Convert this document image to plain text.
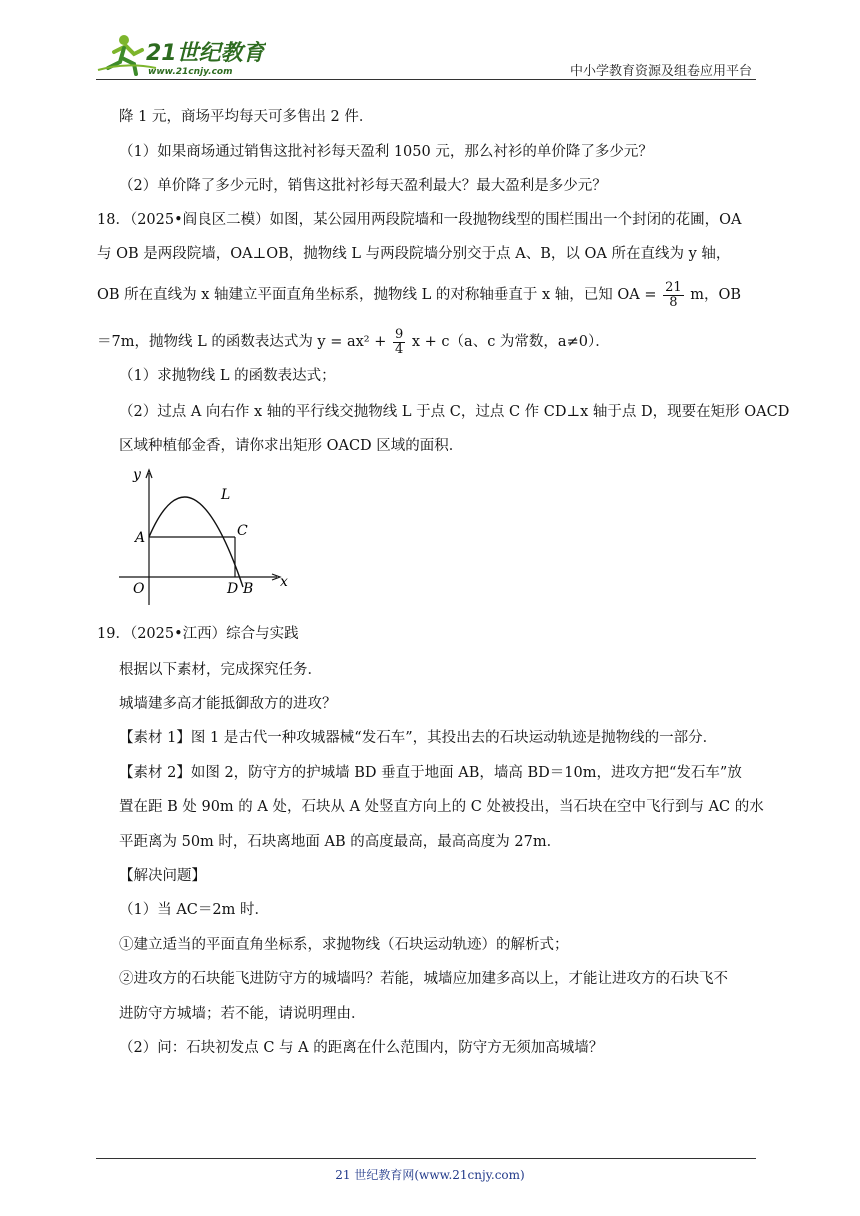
21世纪教育
www.21cnjy.com	中小学教育资源及组卷应用平台
降 1 元，商场平均每天可多售出 2 件．
（1）如果商场通过销售这批衬衫每天盈利 1050 元，那么衬衫的单价降了多少元？
（2）单价降了多少元时，销售这批衬衫每天盈利最大？最大盈利是多少元？
18．（2025•阎良区二模）如图，某公园用两段院墙和一段抛物线型的围栏围出一个封闭的花圃，OA
与 OB 是两段院墙，OA⊥OB，抛物线 L 与两段院墙分别交于点 A、B，以 OA 所在直线为 y 轴，
OB 所在直线为 x 轴建立平面直角坐标系，抛物线 L 的对称轴垂直于 x 轴，已知 OA = $\frac{21}{8}$ m，OB
＝7m，抛物线 L 的函数表达式为 $y = ax^2 + \frac{9}{4}$ x + c（a、c 为常数，a≠0）．
（1）求抛物线 L 的函数表达式；
（2）过点 A 向右作 x 轴的平行线交抛物线 L 于点 C，过点 C 作 CD⊥x 轴于点 D，现要在矩形 OACD
区域种植郁金香，请你求出矩形 OACD 区域的面积．
y
x
L
A	C
O	D B
19．（2025•江西）综合与实践
根据以下素材，完成探究任务．
城墙建多高才能抵御敌方的进攻？
【素材 1】图 1 是古代一种攻城器械“发石车”，其投出去的石块运动轨迹是抛物线的一部分．
【素材 2】如图 2，防守方的护城墙 BD 垂直于地面 AB，墙高 BD＝10m，进攻方把“发石车”放
置在距 B 处 90m 的 A 处，石块从 A 处竖直方向上的 C 处被投出，当石块在空中飞行到与 AC 的水
平距离为 50m 时，石块离地面 AB 的高度最高，最高高度为 27m．
【解决问题】
（1）当 AC＝2m 时．
①建立适当的平面直角坐标系，求抛物线（石块运动轨迹）的解析式；
②进攻方的石块能飞进防守方的城墙吗？若能，城墙应加建多高以上，才能让进攻方的石块飞不
进防守方城墙；若不能，请说明理由．
（2）问：石块初发点 C 与 A 的距离在什么范围内，防守方无须加高城墙？
21 世纪教育网(www.21cnjy.com)
